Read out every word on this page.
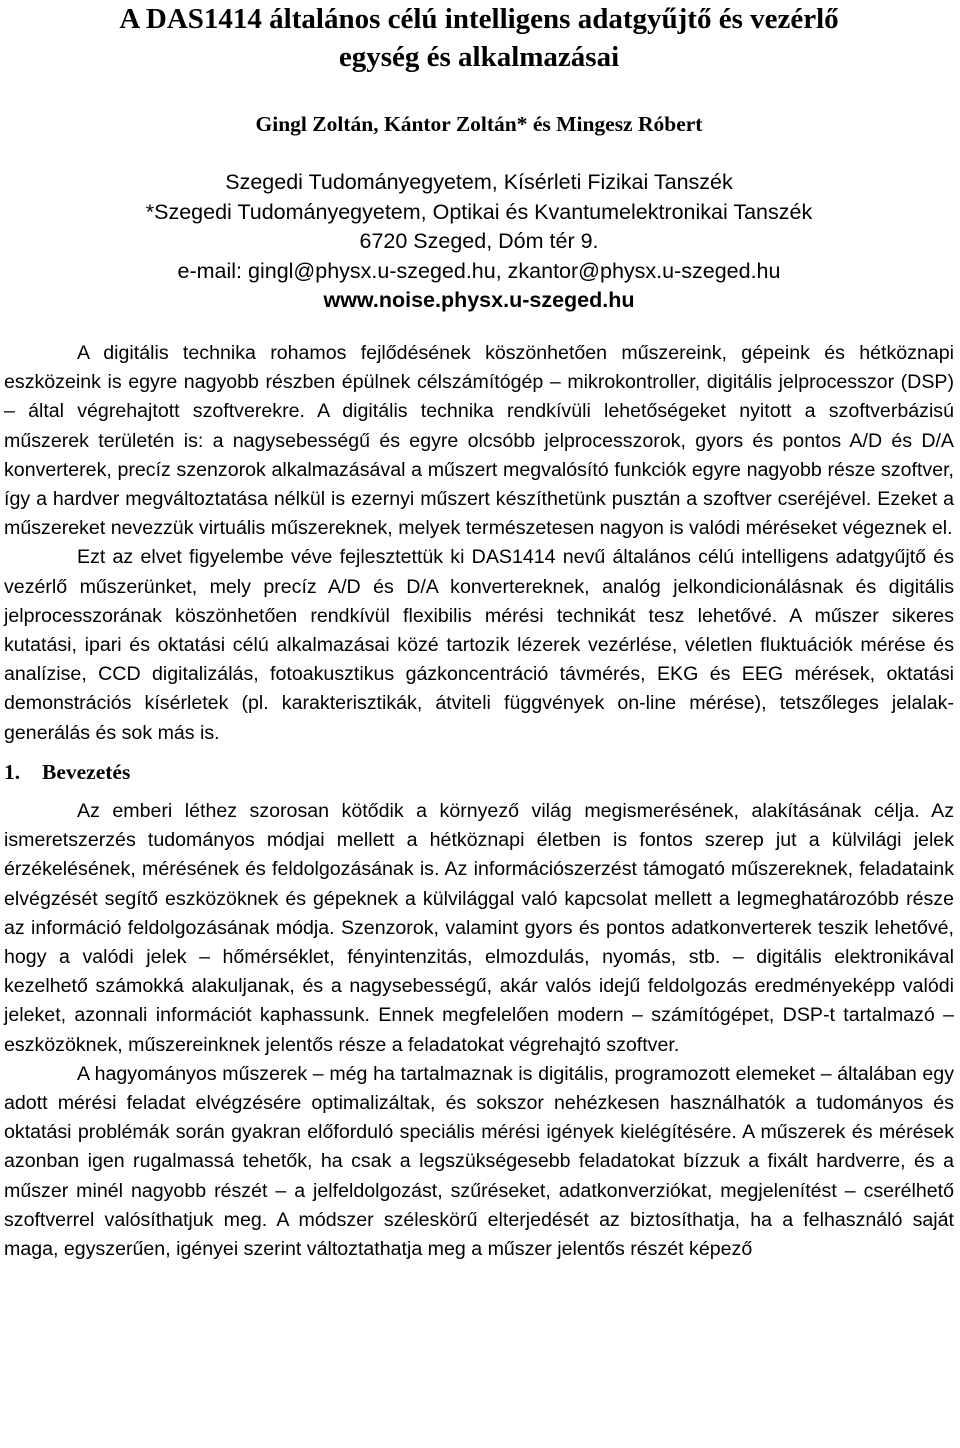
A DAS1414 általános célú intelligens adatgyűjtő és vezérlő
egység és alkalmazásai
Gingl Zoltán, Kántor Zoltán* és Mingesz Róbert
Szegedi Tudományegyetem, Kísérleti Fizikai Tanszék
*Szegedi Tudományegyetem, Optikai és Kvantumelektronikai Tanszék
6720 Szeged, Dóm tér 9.
e-mail: gingl@physx.u-szeged.hu, zkantor@physx.u-szeged.hu
www.noise.physx.u-szeged.hu

A digitális technika rohamos fejlődésének köszönhetően műszereink, gépeink és hétköznapi eszközeink is egyre nagyobb részben épülnek célszámítógép – mikrokontroller, digitális jelprocesszor (DSP) – által végrehajtott szoftverekre. A digitális technika rendkívüli lehetőségeket nyitott a szoftverbázisú műszerek területén is: a nagysebességű és egyre olcsóbb jelprocesszorok, gyors és pontos A/D és D/A konverterek, precíz szenzorok alkalmazásával a műszert megvalósító funkciók egyre nagyobb része szoftver, így a hardver megváltoztatása nélkül is ezernyi műszert készíthetünk pusztán a szoftver cseréjével. Ezeket a műszereket nevezzük virtuális műszereknek, melyek természetesen nagyon is valódi méréseket végeznek el.

Ezt az elvet figyelembe véve fejlesztettük ki DAS1414 nevű általános célú intelligens adatgyűjtő és vezérlő műszerünket, mely precíz A/D és D/A konvertereknek, analóg jelkondicionálásnak és digitális jelprocesszorának köszönhetően rendkívül flexibilis mérési technikát tesz lehetővé. A műszer sikeres kutatási, ipari és oktatási célú alkalmazásai közé tartozik lézerek vezérlése, véletlen fluktuációk mérése és analízise, CCD digitalizálás, fotoakusztikus gázkoncentráció távmérés, EKG és EEG mérések, oktatási demonstrációs kísérletek (pl. karakterisztikák, átviteli függvények on-line mérése), tetszőleges jelalak-generálás és sok más is.

1. Bevezetés

Az emberi léthez szorosan kötődik a környező világ megismerésének, alakításának célja. Az ismeretszerzés tudományos módjai mellett a hétköznapi életben is fontos szerep jut a külvilági jelek érzékelésének, mérésének és feldolgozásának is. Az információszerzést támogató műszereknek, feladataink elvégzését segítő eszközöknek és gépeknek a külvilággal való kapcsolat mellett a legmeghatározóbb része az információ feldolgozásának módja. Szenzorok, valamint gyors és pontos adatkonverterek teszik lehetővé, hogy a valódi jelek – hőmérséklet, fényintenzitás, elmozdulás, nyomás, stb. – digitális elektronikával kezelhető számokká alakuljanak, és a nagysebességű, akár valós idejű feldolgozás eredményeképp valódi jeleket, azonnali információt kaphassunk. Ennek megfelelően modern – számítógépet, DSP-t tartalmazó – eszközöknek, műszereinknek jelentős része a feladatokat végrehajtó szoftver.

A hagyományos műszerek – még ha tartalmaznak is digitális, programozott elemeket – általában egy adott mérési feladat elvégzésére optimalizáltak, és sokszor nehézkesen használhatók a tudományos és oktatási problémák során gyakran előforduló speciális mérési igények kielégítésére. A műszerek és mérések azonban igen rugalmassá tehetők, ha csak a legszükségesebb feladatokat bízzuk a fixált hardverre, és a műszer minél nagyobb részét – a jelfeldolgozást, szűréseket, adatkonverziókat, megjelenítést – cserélhető szoftverrel valósíthatjuk meg. A módszer széleskörű elterjedését az biztosíthatja, ha a felhasználó saját maga, egyszerűen, igényei szerint változtathatja meg a műszer jelentős részét képező
